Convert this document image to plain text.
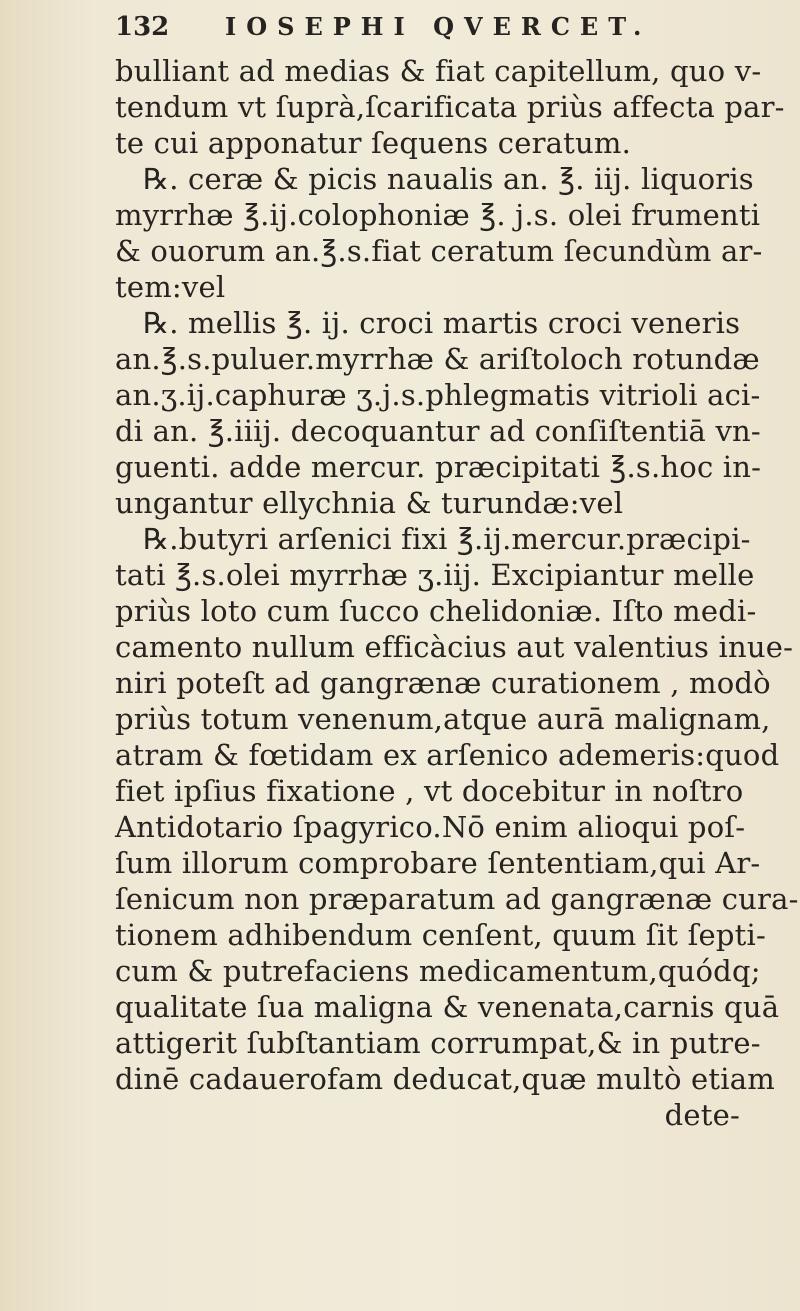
132 IOSEPHI QVERCET.
bulliant ad medias & fiat capitellum, quo v-
tendum vt ſuprà,ſcarificata priùs affecta par-
te cui apponatur ſequens ceratum.
℞. ceræ & picis naualis an. ℥. iij. liquoris
myrrhæ ℥.ij.colophoniæ ℥. j.s. olei frumenti
& ouorum an.℥.s.fiat ceratum ſecundùm ar-
tem:vel
℞. mellis ℥. ij. croci martis croci veneris
an.℥.s.puluer.myrrhæ & ariſtoloch rotundæ
an.ʒ.ij.caphuræ ʒ.j.s.phlegmatis vitrioli aci-
di an. ℥.iiij. decoquantur ad conſiſtentiā vn-
guenti. adde mercur. præcipitati ℥.s.hoc in-
ungantur ellychnia & turundæ:vel
℞.butyri arſenici fixi ℥.ij.mercur.præcipi-
tati ℥.s.olei myrrhæ ʒ.iij. Excipiantur melle
priùs loto cum ſucco chelidoniæ. Iſto medi-
camento nullum efficàcius aut valentius inue-
niri poteſt ad gangrænæ curationem , modò
priùs totum venenum,atque aurā malignam,
atram & fœtidam ex arſenico ademeris:quod
fiet ipſius fixatione , vt docebitur in noſtro
Antidotario ſpagyrico.Nō enim alioqui poſ-
ſum illorum comprobare ſententiam,qui Ar-
ſenicum non præparatum ad gangrænæ cura-
tionem adhibendum cenſent, quum ſit ſepti-
cum & putrefaciens medicamentum,quódq;
qualitate ſua maligna & venenata,carnis quā
attigerit ſubſtantiam corrumpat,& in putre-
dinē cadauerofam deducat,quæ multò etiam
dete-
